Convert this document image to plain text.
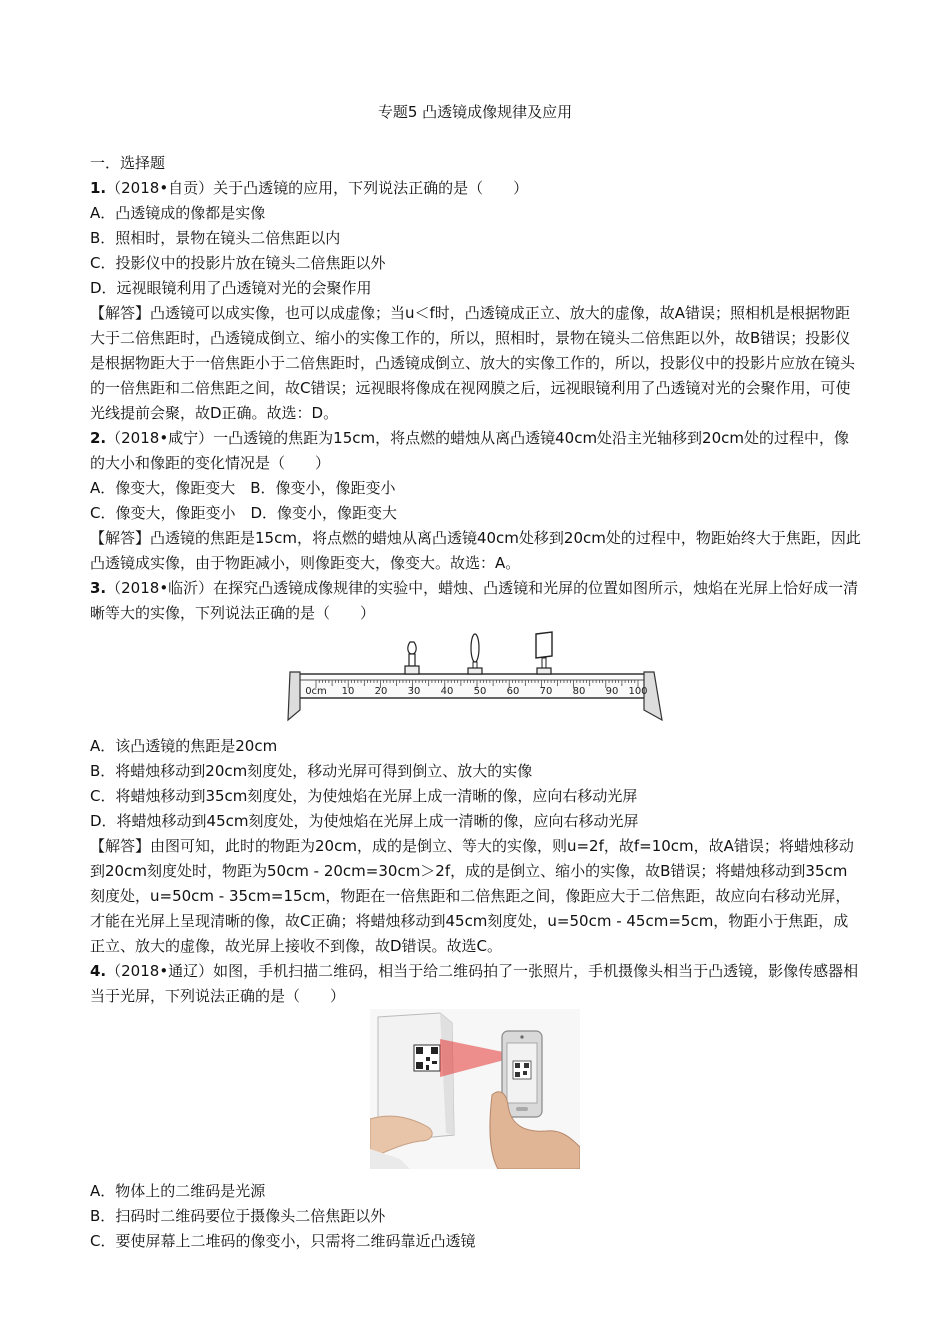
专题5 凸透镜成像规律及应用

一．选择题

1.（2018•自贡）关于凸透镜的应用，下列说法正确的是（　　）

A．凸透镜成的像都是实像

B．照相时，景物在镜头二倍焦距以内

C．投影仪中的投影片放在镜头二倍焦距以外

D．远视眼镜利用了凸透镜对光的会聚作用

【解答】凸透镜可以成实像，也可以成虚像；当u＜f时，凸透镜成正立、放大的虚像，故A错误；照相机是根据物距大于二倍焦距时，凸透镜成倒立、缩小的实像工作的，所以，照相时，景物在镜头二倍焦距以外，故B错误；投影仪是根据物距大于一倍焦距小于二倍焦距时，凸透镜成倒立、放大的实像工作的，所以，投影仪中的投影片应放在镜头的一倍焦距和二倍焦距之间，故C错误；远视眼将像成在视网膜之后，远视眼镜利用了凸透镜对光的会聚作用，可使光线提前会聚，故D正确。故选：D。

2.（2018•咸宁）一凸透镜的焦距为15cm，将点燃的蜡烛从离凸透镜40cm处沿主光轴移到20cm处的过程中，像的大小和像距的变化情况是（　　）

A．像变大，像距变大　B．像变小，像距变小

C．像变大，像距变小　D．像变小，像距变大

【解答】凸透镜的焦距是15cm，将点燃的蜡烛从离凸透镜40cm处移到20cm处的过程中，物距始终大于焦距，因此凸透镜成实像，由于物距减小，则像距变大，像变大。故选：A。

3.（2018•临沂）在探究凸透镜成像规律的实验中，蜡烛、凸透镜和光屏的位置如图所示，烛焰在光屏上恰好成一清晰等大的实像，下列说法正确的是（　　）

0cm 10 20 30 40 50 60 70 80 90 100

A．该凸透镜的焦距是20cm

B．将蜡烛移动到20cm刻度处，移动光屏可得到倒立、放大的实像

C．将蜡烛移动到35cm刻度处，为使烛焰在光屏上成一清晰的像，应向右移动光屏

D．将蜡烛移动到45cm刻度处，为使烛焰在光屏上成一清晰的像，应向右移动光屏

【解答】由图可知，此时的物距为20cm，成的是倒立、等大的实像，则u=2f，故f=10cm，故A错误；将蜡烛移动到20cm刻度处时，物距为50cm - 20cm=30cm＞2f，成的是倒立、缩小的实像，故B错误；将蜡烛移动到35cm刻度处，u=50cm - 35cm=15cm，物距在一倍焦距和二倍焦距之间，像距应大于二倍焦距，故应向右移动光屏，才能在光屏上呈现清晰的像，故C正确；将蜡烛移动到45cm刻度处，u=50cm - 45cm=5cm，物距小于焦距，成正立、放大的虚像，故光屏上接收不到像，故D错误。故选C。

4.（2018•通辽）如图，手机扫描二维码，相当于给二维码拍了一张照片，手机摄像头相当于凸透镜，影像传感器相当于光屏，下列说法正确的是（　　）

A．物体上的二维码是光源

B．扫码时二维码要位于摄像头二倍焦距以外

C．要使屏幕上二堆码的像变小，只需将二维码靠近凸透镜
